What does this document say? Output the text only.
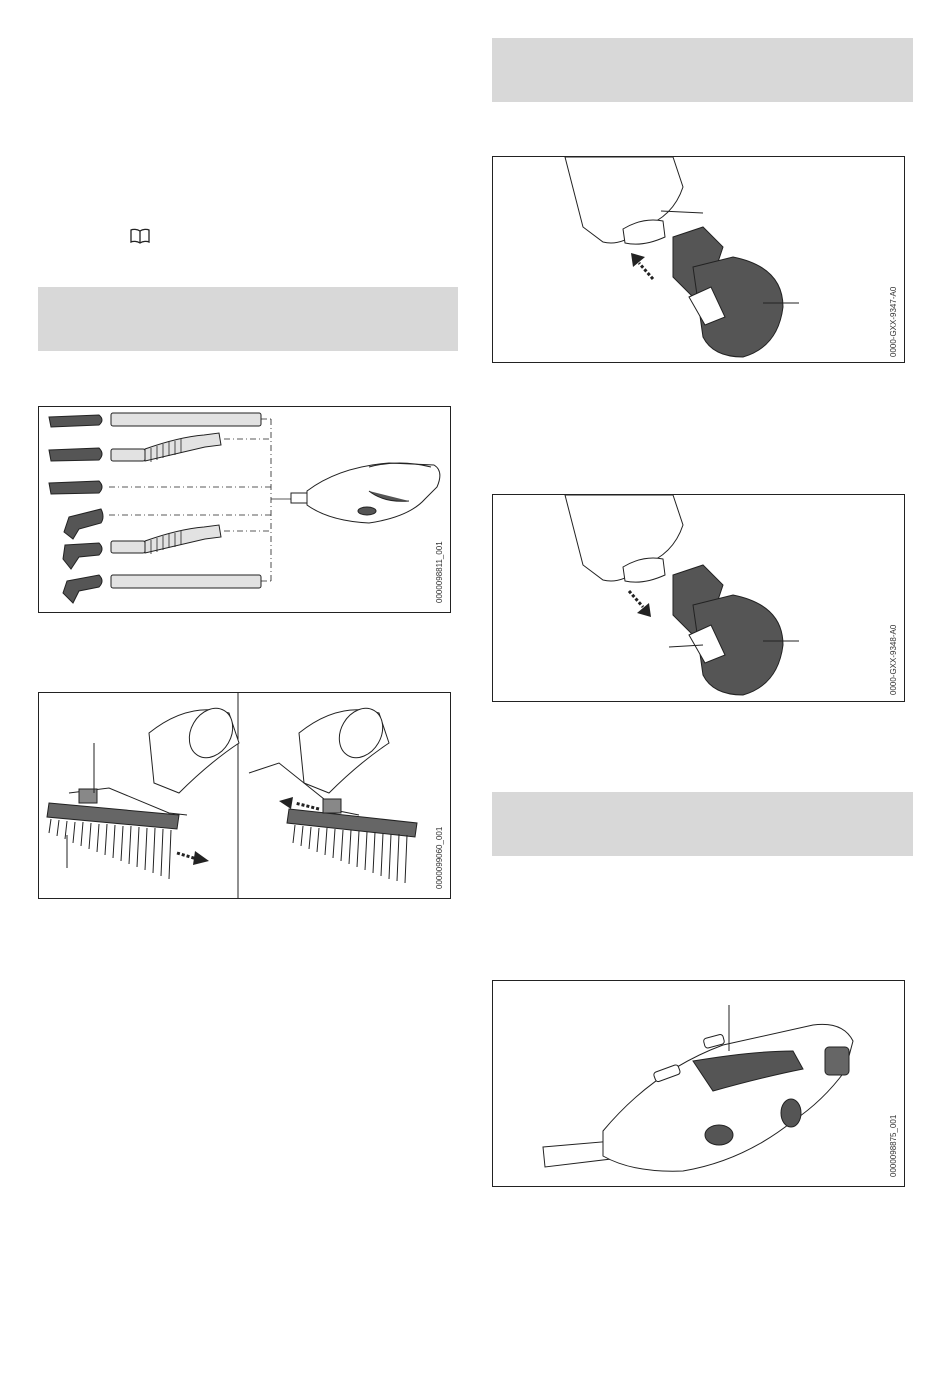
0000098811_001
0000099060_001
0000-GXX-9347-A0
0000-GXX-9348-A0
0000098875_001
